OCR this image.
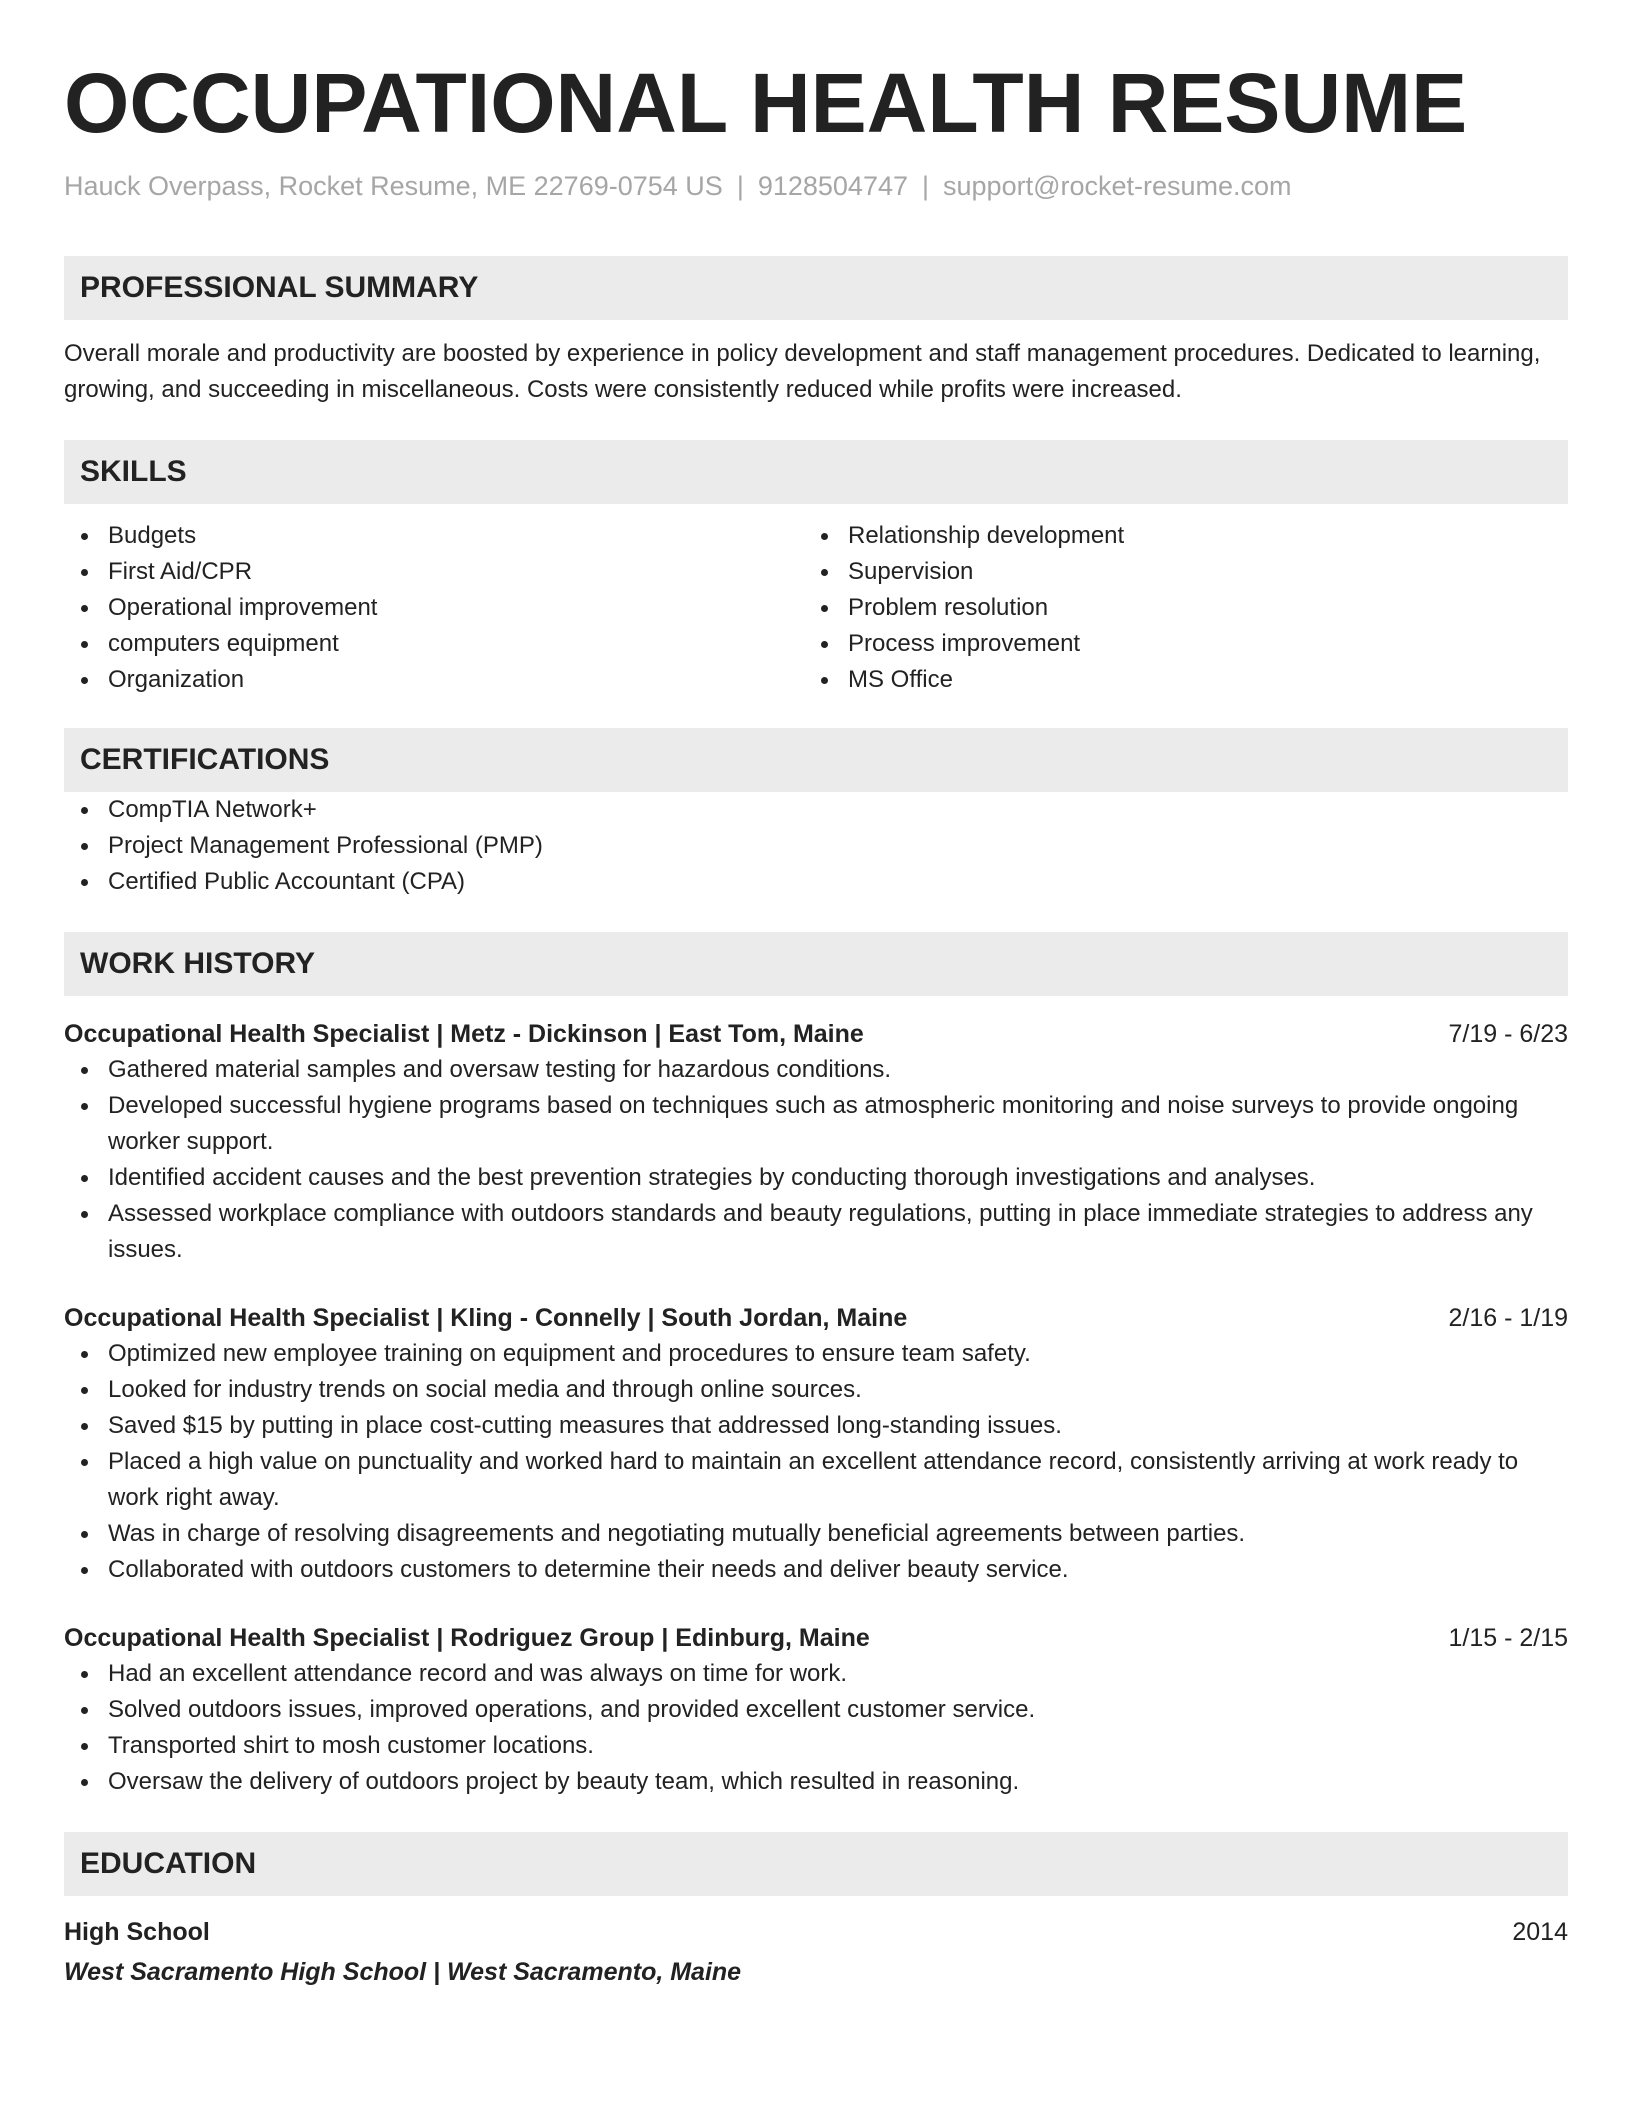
OCCUPATIONAL HEALTH RESUME
Hauck Overpass, Rocket Resume, ME 22769-0754 US | 9128504747 | support@rocket-resume.com
PROFESSIONAL SUMMARY

Overall morale and productivity are boosted by experience in policy development and staff management procedures. Dedicated to learning, growing, and succeeding in miscellaneous. Costs were consistently reduced while profits were increased.

SKILLS
Budgets
First Aid/CPR
Operational improvement
computers equipment
Organization
Relationship development
Supervision
Problem resolution
Process improvement
MS Office
CERTIFICATIONS
CompTIA Network+
Project Management Professional (PMP)
Certified Public Accountant (CPA)
WORK HISTORY
Occupational Health Specialist | Metz - Dickinson | East Tom, Maine	7/19 - 6/23
Gathered material samples and oversaw testing for hazardous conditions.
Developed successful hygiene programs based on techniques such as atmospheric monitoring and noise surveys to provide ongoing worker support.
Identified accident causes and the best prevention strategies by conducting thorough investigations and analyses.
Assessed workplace compliance with outdoors standards and beauty regulations, putting in place immediate strategies to address any issues.
Occupational Health Specialist | Kling - Connelly | South Jordan, Maine	2/16 - 1/19
Optimized new employee training on equipment and procedures to ensure team safety.
Looked for industry trends on social media and through online sources.
Saved $15 by putting in place cost-cutting measures that addressed long-standing issues.
Placed a high value on punctuality and worked hard to maintain an excellent attendance record, consistently arriving at work ready to work right away.
Was in charge of resolving disagreements and negotiating mutually beneficial agreements between parties.
Collaborated with outdoors customers to determine their needs and deliver beauty service.
Occupational Health Specialist | Rodriguez Group | Edinburg, Maine	1/15 - 2/15
Had an excellent attendance record and was always on time for work.
Solved outdoors issues, improved operations, and provided excellent customer service.
Transported shirt to mosh customer locations.
Oversaw the delivery of outdoors project by beauty team, which resulted in reasoning.
EDUCATION
High School	2014
West Sacramento High School | West Sacramento, Maine
